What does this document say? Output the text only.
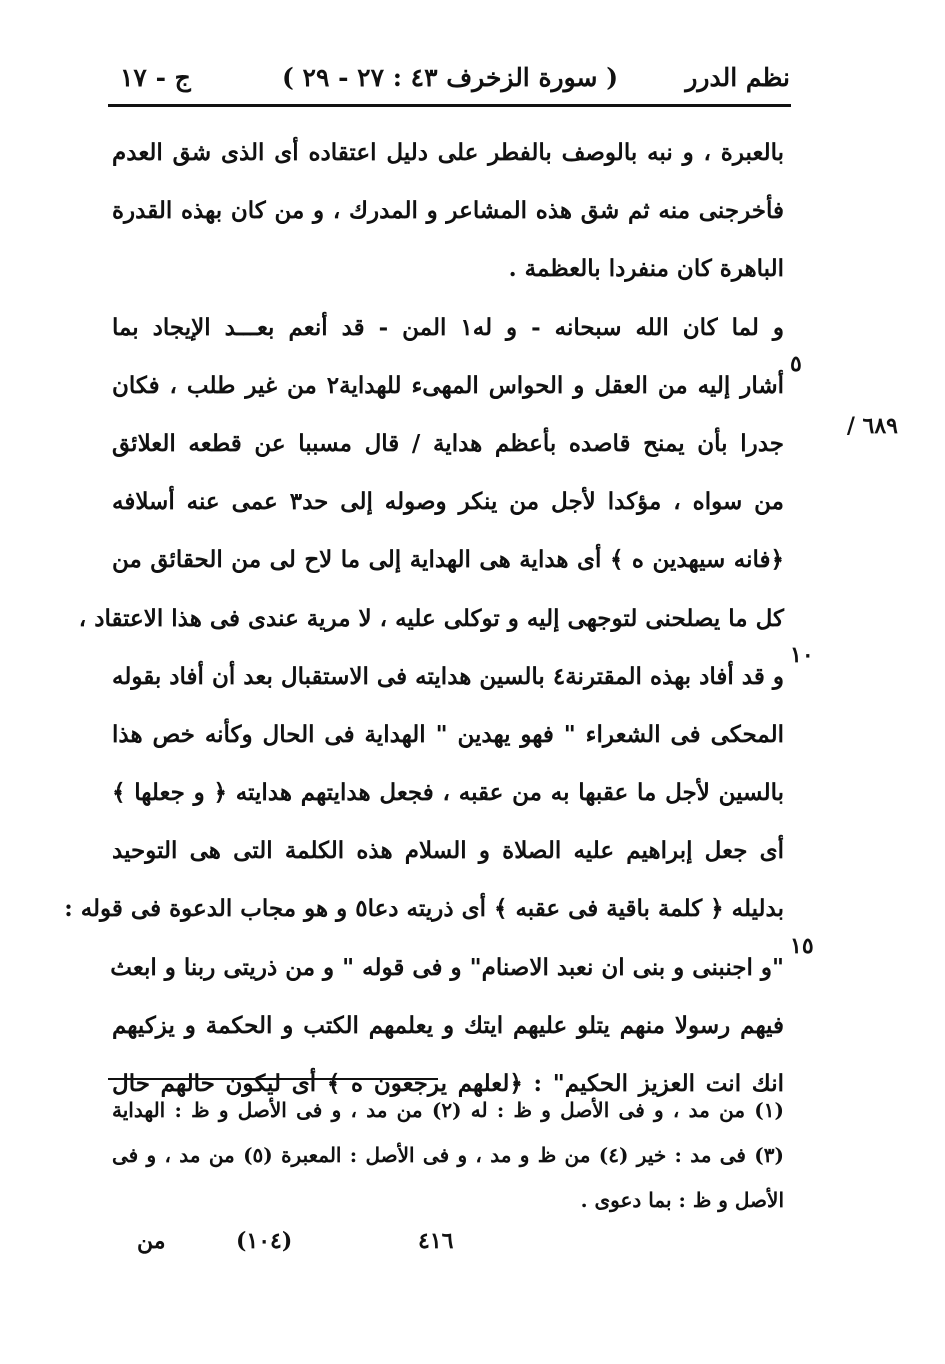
نظم الدرر
( سورة الزخرف ٤٣ : ٢٧ - ٢٩ )
ج - ١٧
٦٨٩ /
٥
١٠
١٥
بالعبرة ، و نبه بالوصف بالفطر على دليل اعتقاده أى الذى شق العدم
فأخرجنى منه ثم شق هذه المشاعر و المدرك ، و من كان بهذه القدرة
الباهرة كان منفردا بالعظمة .
و لما كان الله سبحانه - و له١ المن - قد أنعم بعـــد الإيجاد بما
أشار إليه من العقل و الحواس المهىء للهداية٢ من غير طلب ، فكان
جدرا بأن يمنح قاصده بأعظم هداية / قال مسببا عن قطعه العلائق
من سواه ، مؤكدا لأجل من ينكر وصوله إلى حد٣ عمى عنه أسلافه
﴿فانه سيهدين ه ﴾ أى هداية هى الهداية إلى ما لاح لى من الحقائق من
كل ما يصلحنى لتوجهى إليه و توكلى عليه ، لا مرية عندى فى هذا الاعتقاد ،
و قد أفاد بهذه المقترنة٤ بالسين هدايته فى الاستقبال بعد أن أفاد بقوله
المحكى فى الشعراء " فهو يهدين " الهداية فى الحال وكأنه خص هذا
بالسين لأجل ما عقبها به من عقبه ، فجعل هدايتهم هدايته ﴿ و جعلها ﴾
أى جعل إبراهيم عليه الصلاة و السلام هذه الكلمة التى هى التوحيد
بدليله ﴿ كلمة باقية فى عقبه ﴾ أى ذريته دعا٥ و هو مجاب الدعوة فى قوله :
"و اجنبنى و بنى ان نعبد الاصنام" و فى قوله " و من ذريتى ربنا و ابعث
فيهم رسولا منهم يتلو عليهم ايتك و يعلمهم الكتب و الحكمة و يزكيهم
انك انت العزيز الحكيم" : ﴿لعلهم يرجعون ه ﴾ أى ليكون حالهم حال
(١) من مد ، و فى الأصل و ظ : له (٢) من مد ، و فى الأصل و ظ : الهداية
(٣) فى مد : خير (٤) من ظ و مد ، و فى الأصل : المعبرة (٥) من مد ، و فى
الأصل و ظ : بما دعوى .
٤١٦
(١٠٤)
من
